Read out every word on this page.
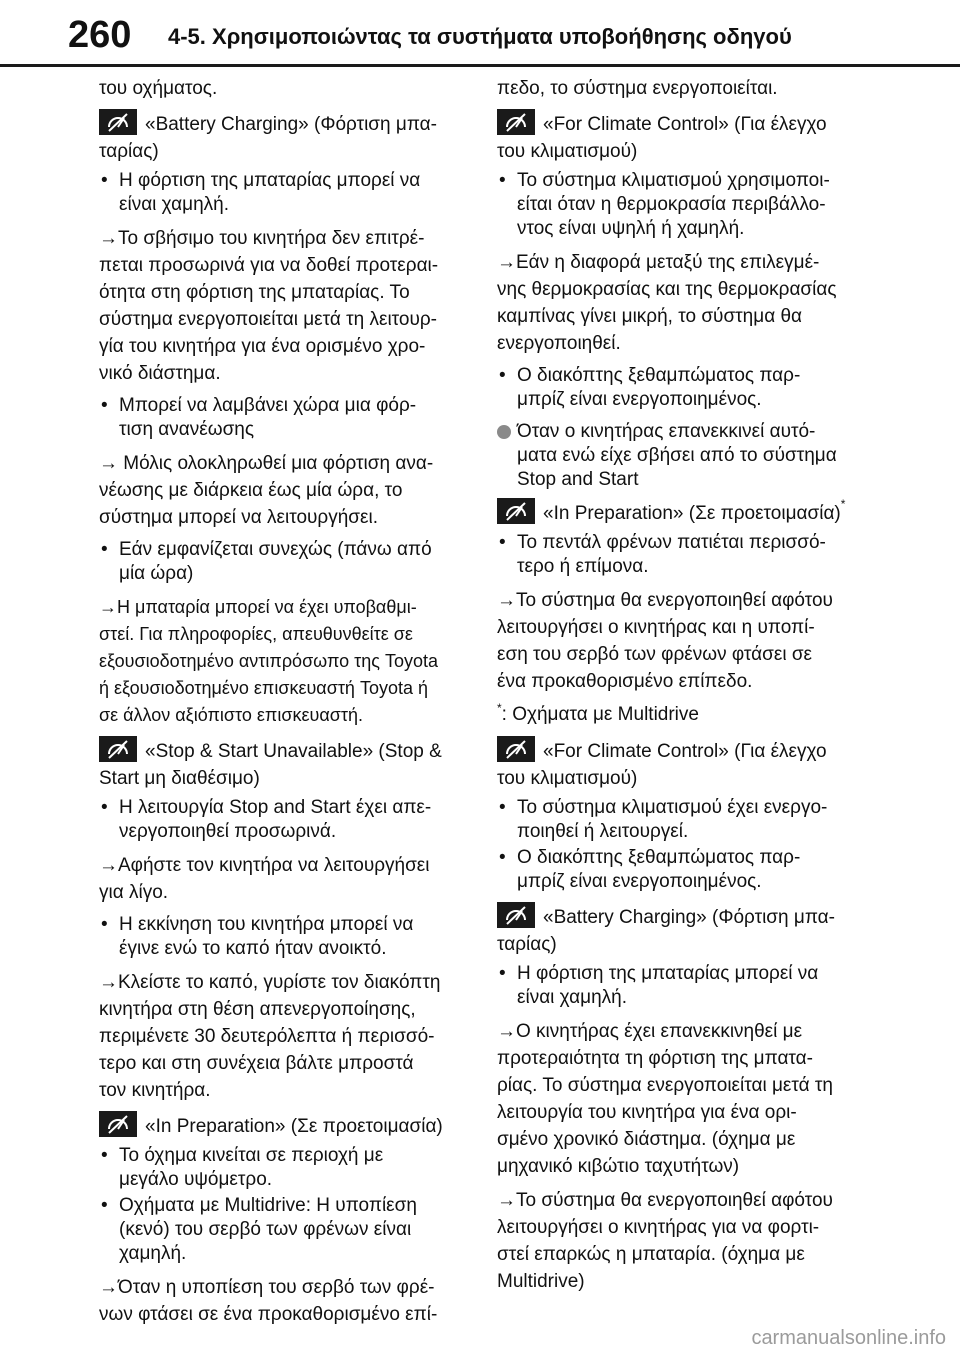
260 4-5. Χρησιμοποιώντας τα συστήματα υποβοήθησης οδηγού
του οχήματος.
«Battery Charging» (Φόρτιση μπα-
ταρίας)
• Η φόρτιση της μπαταρίας μπορεί να
είναι χαμηλή.
→Το σβήσιμο του κινητήρα δεν επιτρέ-
πεται προσωρινά για να δοθεί προτεραι-
ότητα στη φόρτιση της μπαταρίας. Το
σύστημα ενεργοποιείται μετά τη λειτουρ-
γία του κινητήρα για ένα ορισμένο χρο-
νικό διάστημα.
• Μπορεί να λαμβάνει χώρα μια φόρ-
τιση ανανέωσης
→ Μόλις ολοκληρωθεί μια φόρτιση ανα-
νέωσης με διάρκεια έως μία ώρα, το
σύστημα μπορεί να λειτουργήσει.
• Εάν εμφανίζεται συνεχώς (πάνω από
μία ώρα)
→Η μπαταρία μπορεί να έχει υποβαθμι-
στεί. Για πληροφορίες, απευθυνθείτε σε
εξουσιοδοτημένο αντιπρόσωπο της Toyota
ή εξουσιοδοτημένο επισκευαστή Toyota ή
σε άλλον αξιόπιστο επισκευαστή.
«Stop & Start Unavailable» (Stop &
Start μη διαθέσιμο)
• Η λειτουργία Stop and Start έχει απε-
νεργοποιηθεί προσωρινά.
→Αφήστε τον κινητήρα να λειτουργήσει
για λίγο.
• Η εκκίνηση του κινητήρα μπορεί να
έγινε ενώ το καπό ήταν ανοικτό.
→Κλείστε το καπό, γυρίστε τον διακόπτη
κινητήρα στη θέση απενεργοποίησης,
περιμένετε 30 δευτερόλεπτα ή περισσό-
τερο και στη συνέχεια βάλτε μπροστά
τον κινητήρα.
«In Preparation» (Σε προετοιμασία)
• Το όχημα κινείται σε περιοχή με
μεγάλο υψόμετρο.
• Οχήματα με Multidrive: Η υποπίεση
(κενό) του σερβό των φρένων είναι
χαμηλή.
→Όταν η υποπίεση του σερβό των φρέ-
νων φτάσει σε ένα προκαθορισμένο επί-
πεδο, το σύστημα ενεργοποιείται.
«For Climate Control» (Για έλεγχο
του κλιματισμού)
• Το σύστημα κλιματισμού χρησιμοποι-
είται όταν η θερμοκρασία περιβάλλο-
ντος είναι υψηλή ή χαμηλή.
→Εάν η διαφορά μεταξύ της επιλεγμέ-
νης θερμοκρασίας και της θερμοκρασίας
καμπίνας γίνει μικρή, το σύστημα θα
ενεργοποιηθεί.
• Ο διακόπτης ξεθαμπώματος παρ-
μπρίζ είναι ενεργοποιημένος.
Όταν ο κινητήρας επανεκκινεί αυτό-
ματα ενώ είχε σβήσει από το σύστημα
Stop and Start
«In Preparation» (Σε προετοιμασία)*
• Το πεντάλ φρένων πατιέται περισσό-
τερο ή επίμονα.
→Το σύστημα θα ενεργοποιηθεί αφότου
λειτουργήσει ο κινητήρας και η υποπί-
εση του σερβό των φρένων φτάσει σε
ένα προκαθορισμένο επίπεδο.
*: Οχήματα με Multidrive
«For Climate Control» (Για έλεγχο
του κλιματισμού)
• Το σύστημα κλιματισμού έχει ενεργο-
ποιηθεί ή λειτουργεί.
• Ο διακόπτης ξεθαμπώματος παρ-
μπρίζ είναι ενεργοποιημένος.
«Battery Charging» (Φόρτιση μπα-
ταρίας)
• Η φόρτιση της μπαταρίας μπορεί να
είναι χαμηλή.
→Ο κινητήρας έχει επανεκκινηθεί με
προτεραιότητα τη φόρτιση της μπατα-
ρίας. Το σύστημα ενεργοποιείται μετά τη
λειτουργία του κινητήρα για ένα ορι-
σμένο χρονικό διάστημα. (όχημα με
μηχανικό κιβώτιο ταχυτήτων)
→Το σύστημα θα ενεργοποιηθεί αφότου
λειτουργήσει ο κινητήρας για να φορτι-
στεί επαρκώς η μπαταρία. (όχημα με
Multidrive)
carmanualsonline.info
